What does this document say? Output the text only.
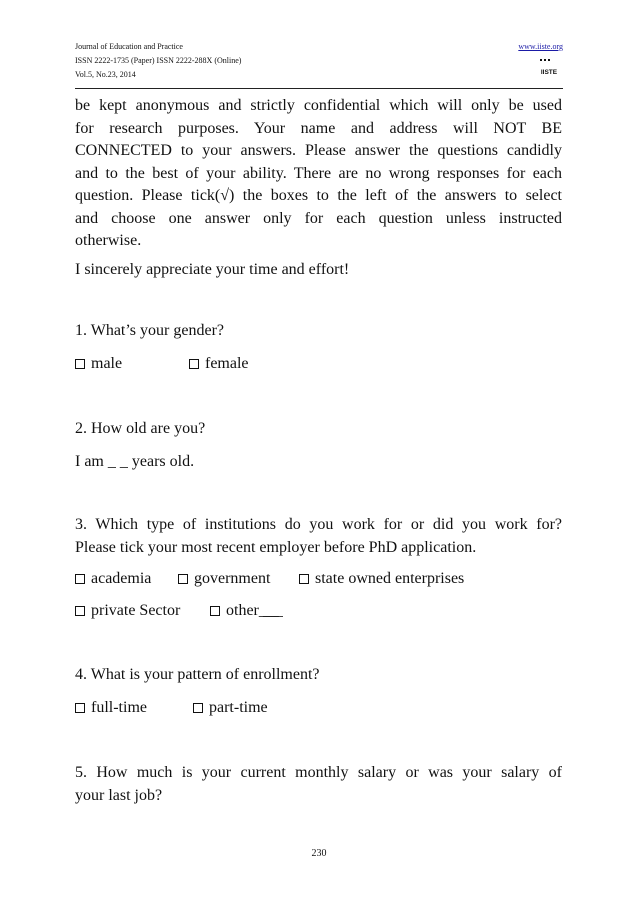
Journal of Education and Practice
ISSN 2222-1735 (Paper) ISSN 2222-288X (Online)
Vol.5, No.23, 2014
www.iiste.org
IISTE
be kept anonymous and strictly confidential which will only be used
for research purposes. Your name and address will NOT BE
CONNECTED to your answers. Please answer the questions candidly
and to the best of your ability. There are no wrong responses for each
question. Please tick(√) the boxes to the left of the answers to select
and choose one answer only for each question unless instructed
otherwise.
I sincerely appreciate your time and effort!
1. What’s your gender?
male	female
2. How old are you?
I am _ _ years old.
3. Which type of institutions do you work for or did you work for?
Please tick your most recent employer before PhD application.
academia	government	state owned enterprises
private Sector	other_̲_̲_
4. What is your pattern of enrollment?
full-time	part-time
5. How much is your current monthly salary or was your salary of
your last job?
230
